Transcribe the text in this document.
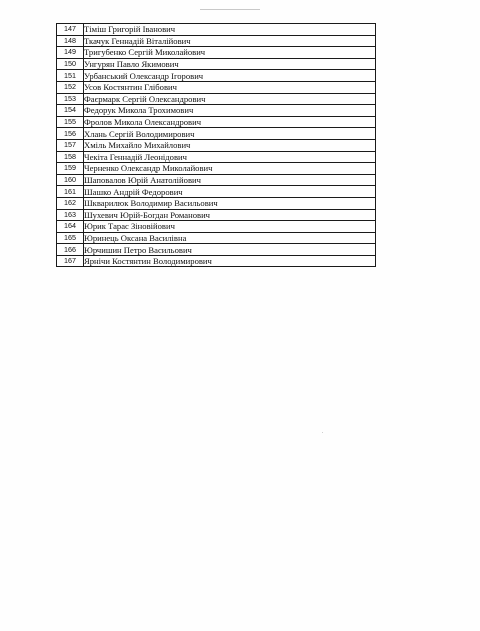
147	Тіміш Григорій Іванович
148	Ткачук Геннадій Віталійович
149	Тригубенко Сергій Миколайович
150	Унгурян Павло Якимович
151	Урбанський Олександр Ігорович
152	Усов Костянтин Глібович
153	Фаєрмарк Сергій Олександрович
154	Федорук Микола Трохимович
155	Фролов Микола Олександрович
156	Хлань Сергій Володимирович
157	Хміль Михайло Михайлович
158	Чекіта Геннадій Леонідович
159	Черненко Олександр Миколайович
160	Шаповалов Юрій Анатолійович
161	Шашко Андрій Федорович
162	Шкварилюк Володимир Васильович
163	Шухевич Юрій-Богдан Романович
164	Юрик Тарас Зіновійович
165	Юринець Оксана Василівна
166	Юрчишин Петро Васильович
167	Ярнічи Костянтин Володимирович
